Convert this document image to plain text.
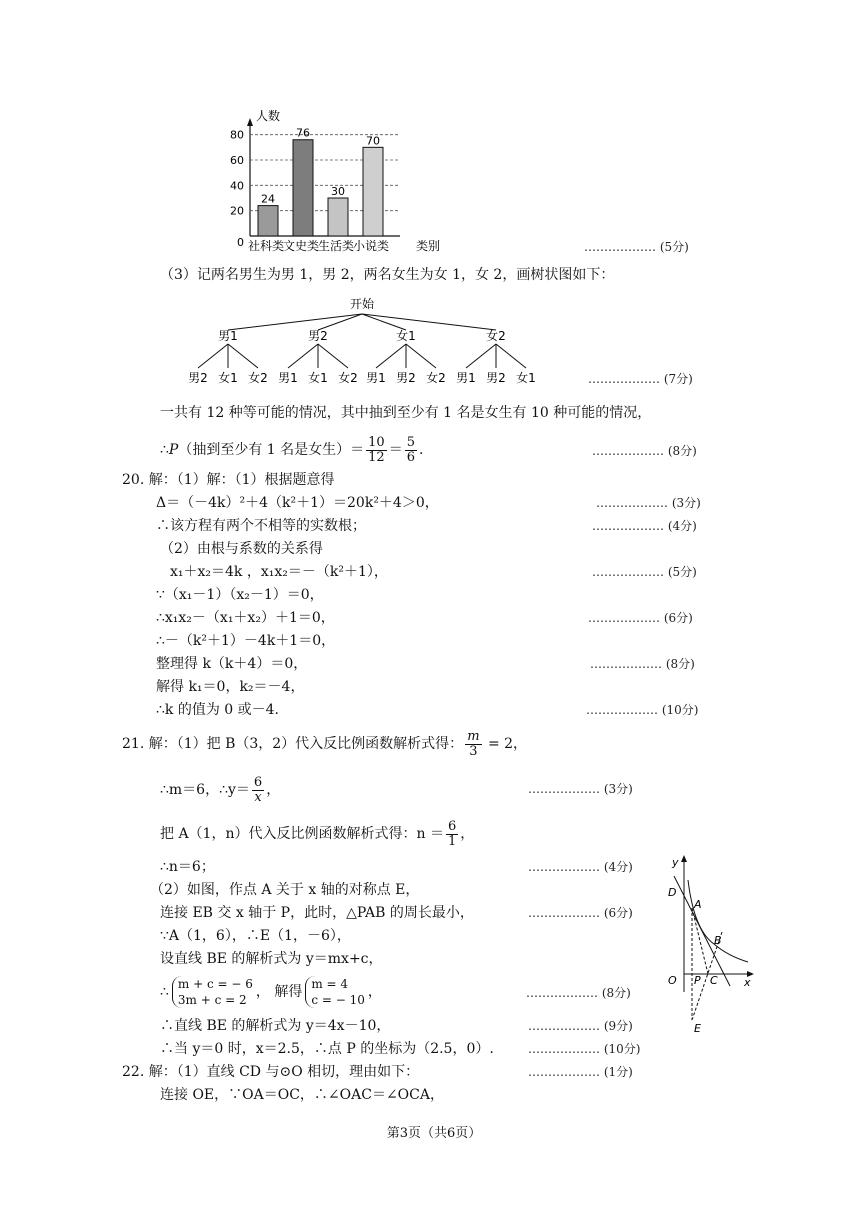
人数
0
20
40
60
80
24
76
30
70
社科类
文史类
生活类
小说类 类别	……………… (5分)
（3）记两名男生为男 1，男 2，两名女生为女 1，女 2，画树状图如下：
开始
男1
男2 女1 女2
男2
男1 女1 女2
女1
男1 男2 女2
女2
男1 男2 女1	……………… (7分)
一共有 12 种等可能的情况，其中抽到至少有 1 名是女生有 10 种可能的情况，
∴P（抽到至少有 1 名是女生）＝ $\frac{10}{12} = \frac{5}{6}$ .	……………… (8分)
20. 解：（1）解：（1）根据题意得
Δ＝（－4k）²＋4（k²＋1）＝20k²＋4＞0，	……………… (3分)
∴该方程有两个不相等的实数根；	……………… (4分)
（2）由根与系数的关系得
x₁＋x₂＝4k ，x₁x₂＝－（k²＋1），	……………… (5分)
∵（x₁－1）（x₂－1）＝0，
∴x₁x₂－（x₁＋x₂）＋1＝0，	……………… (6分)
∴－（k²＋1）－4k＋1＝0，
整理得 k（k＋4）＝0，	……………… (8分)
解得 k₁＝0，k₂＝－4，
∴k 的值为 0 或－4.	……………… (10分)
21. 解：（1）把 B（3，2）代入反比例函数解析式得： $\frac{m}{3} = 2$，
∴m＝6，∴y＝ $\frac{6}{x}$ ，	……………… (3分)
把 A（1，n）代入反比例函数解析式得：$n = \frac{6}{1}$ ，
∴n＝6；	……………… (4分)
（2）如图，作点 A 关于 x 轴的对称点 E，
连接 EB 交 x 轴于 P，此时，△PAB 的周长最小，	……………… (6分)
∵A（1，6），∴E（1，－6），
设直线 BE 的解析式为 y＝mx+c，
∴ m + c = − 6
3m + c = 2 ， 解得 m = 4
c = − 10 ，	……………… (8分)
∴直线 BE 的解析式为 y＝4x－10，	……………… (9分)
∴当 y＝0 时，x＝2.5，∴点 P 的坐标为（2.5，0）.	……………… (10分)
y
x
D
A
B
O P C
E
22. 解：（1）直线 CD 与⊙O 相切，理由如下：	……………… (1分)
连接 OE，∵OA＝OC，∴∠OAC＝∠OCA，
第3页（共6页）
